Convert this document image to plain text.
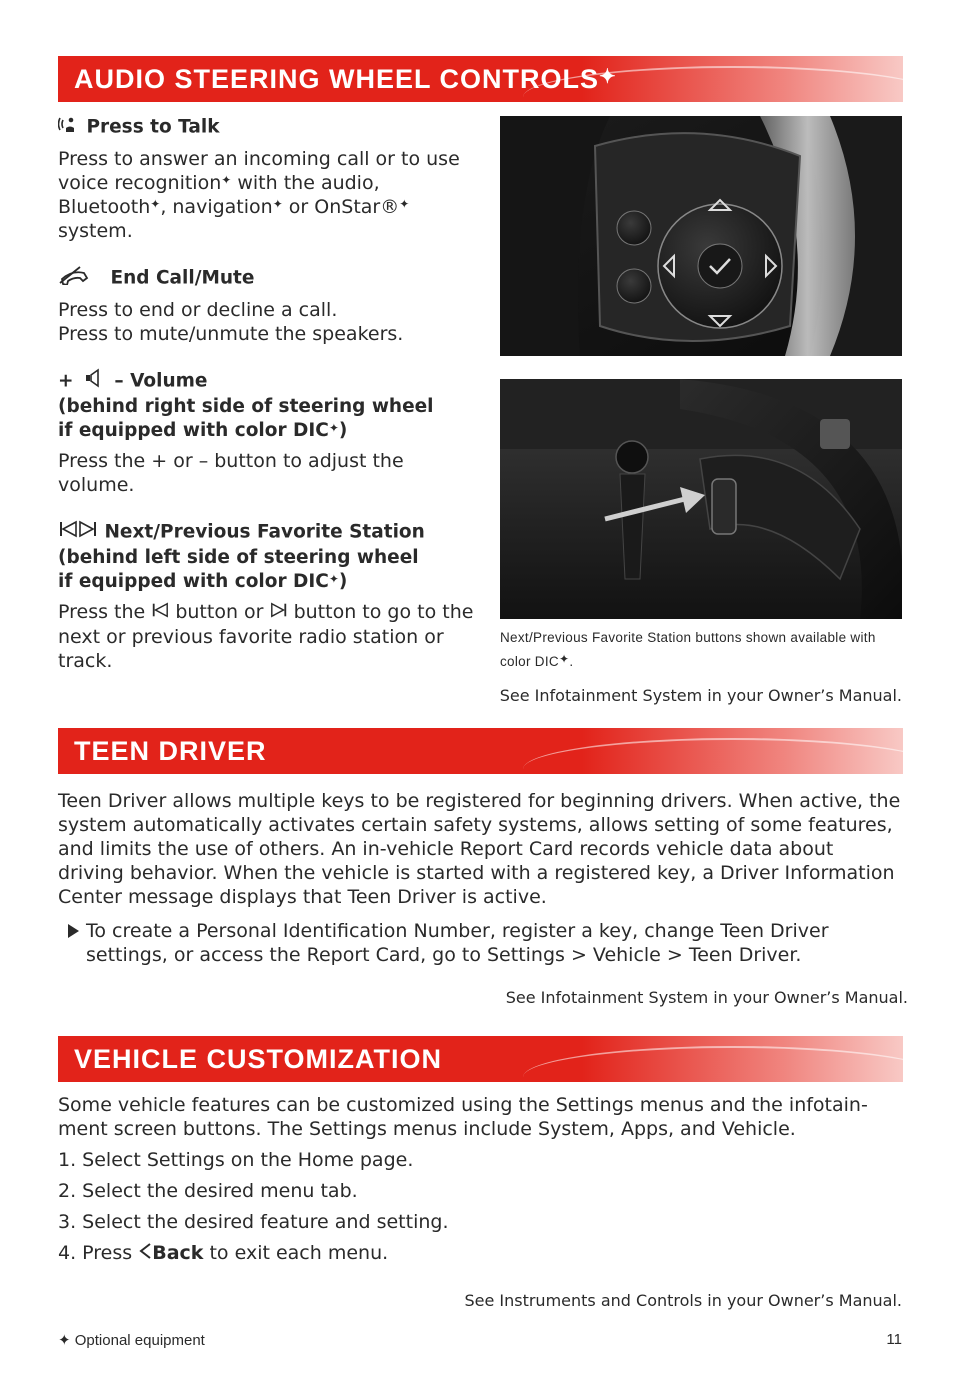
AUDIO STEERING WHEEL CONTROLS✦

Press to Talk

Press to answer an incoming call or to use voice recognition✦ with the audio, Bluetooth✦, navigation✦ or OnStar®✦ system.

End Call/Mute

Press to end or decline a call.
Press to mute/unmute the speakers.

+ – Volume
(behind right side of steering wheel
if equipped with color DIC✦)

Press the + or – button to adjust the volume.

Next/Previous Favorite Station
(behind left side of steering wheel
if equipped with color DIC✦)

Press the button or button to go to the next or previous favorite radio station or track.

Next/Previous Favorite Station buttons shown available with color DIC✦.
See Infotainment System in your Owner’s Manual.
TEEN DRIVER
Teen Driver allows multiple keys to be registered for beginning drivers. When active, the system automatically activates certain safety systems, allows setting of some features, and limits the use of others. An in-vehicle Report Card records vehicle data about driving behavior. When the vehicle is started with a registered key, a Driver Information Center message displays that Teen Driver is active.
To create a Personal Identification Number, register a key, change Teen Driver settings, or access the Report Card, go to Settings > Vehicle > Teen Driver.
See Infotainment System in your Owner’s Manual.
VEHICLE CUSTOMIZATION
Some vehicle features can be customized using the Settings menus and the infotain-ment screen buttons. The Settings menus include System, Apps, and Vehicle.
1. Select Settings on the Home page.
2. Select the desired menu tab.
3. Select the desired feature and setting.
4. Press Back to exit each menu.
See Instruments and Controls in your Owner’s Manual.
✦ Optional equipment	11
